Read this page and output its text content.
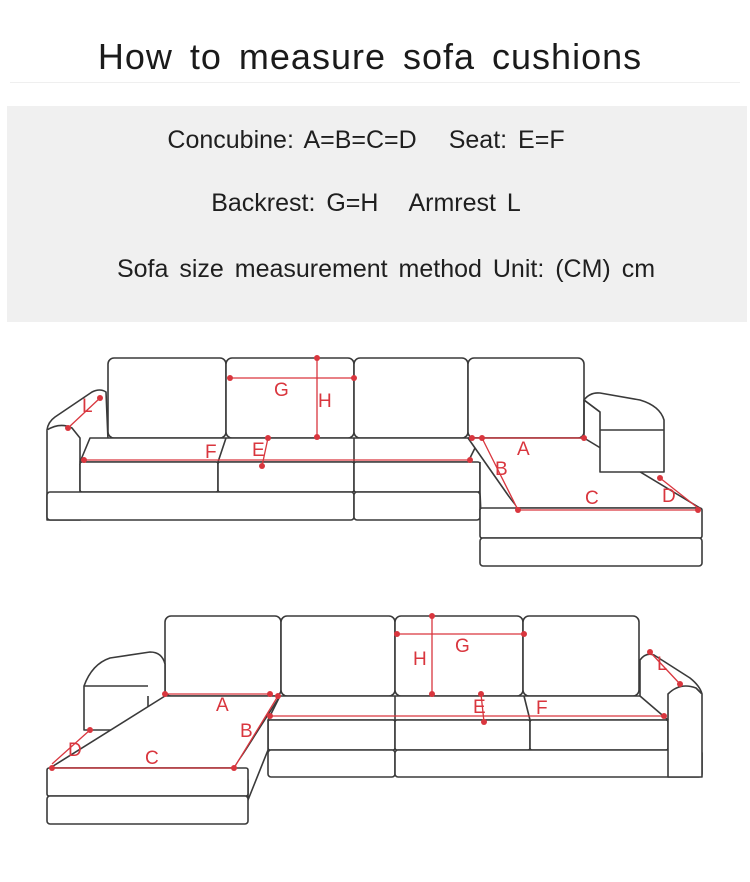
How to measure sofa cushions
Concubine: A=B=C=D Seat: E=F
Backrest: G=H Armrest L
Sofa size measurement method Unit: (CM) cm
L
F E
G
H
A
B
C	D
A
B
C
D
F
E
G
H	L
